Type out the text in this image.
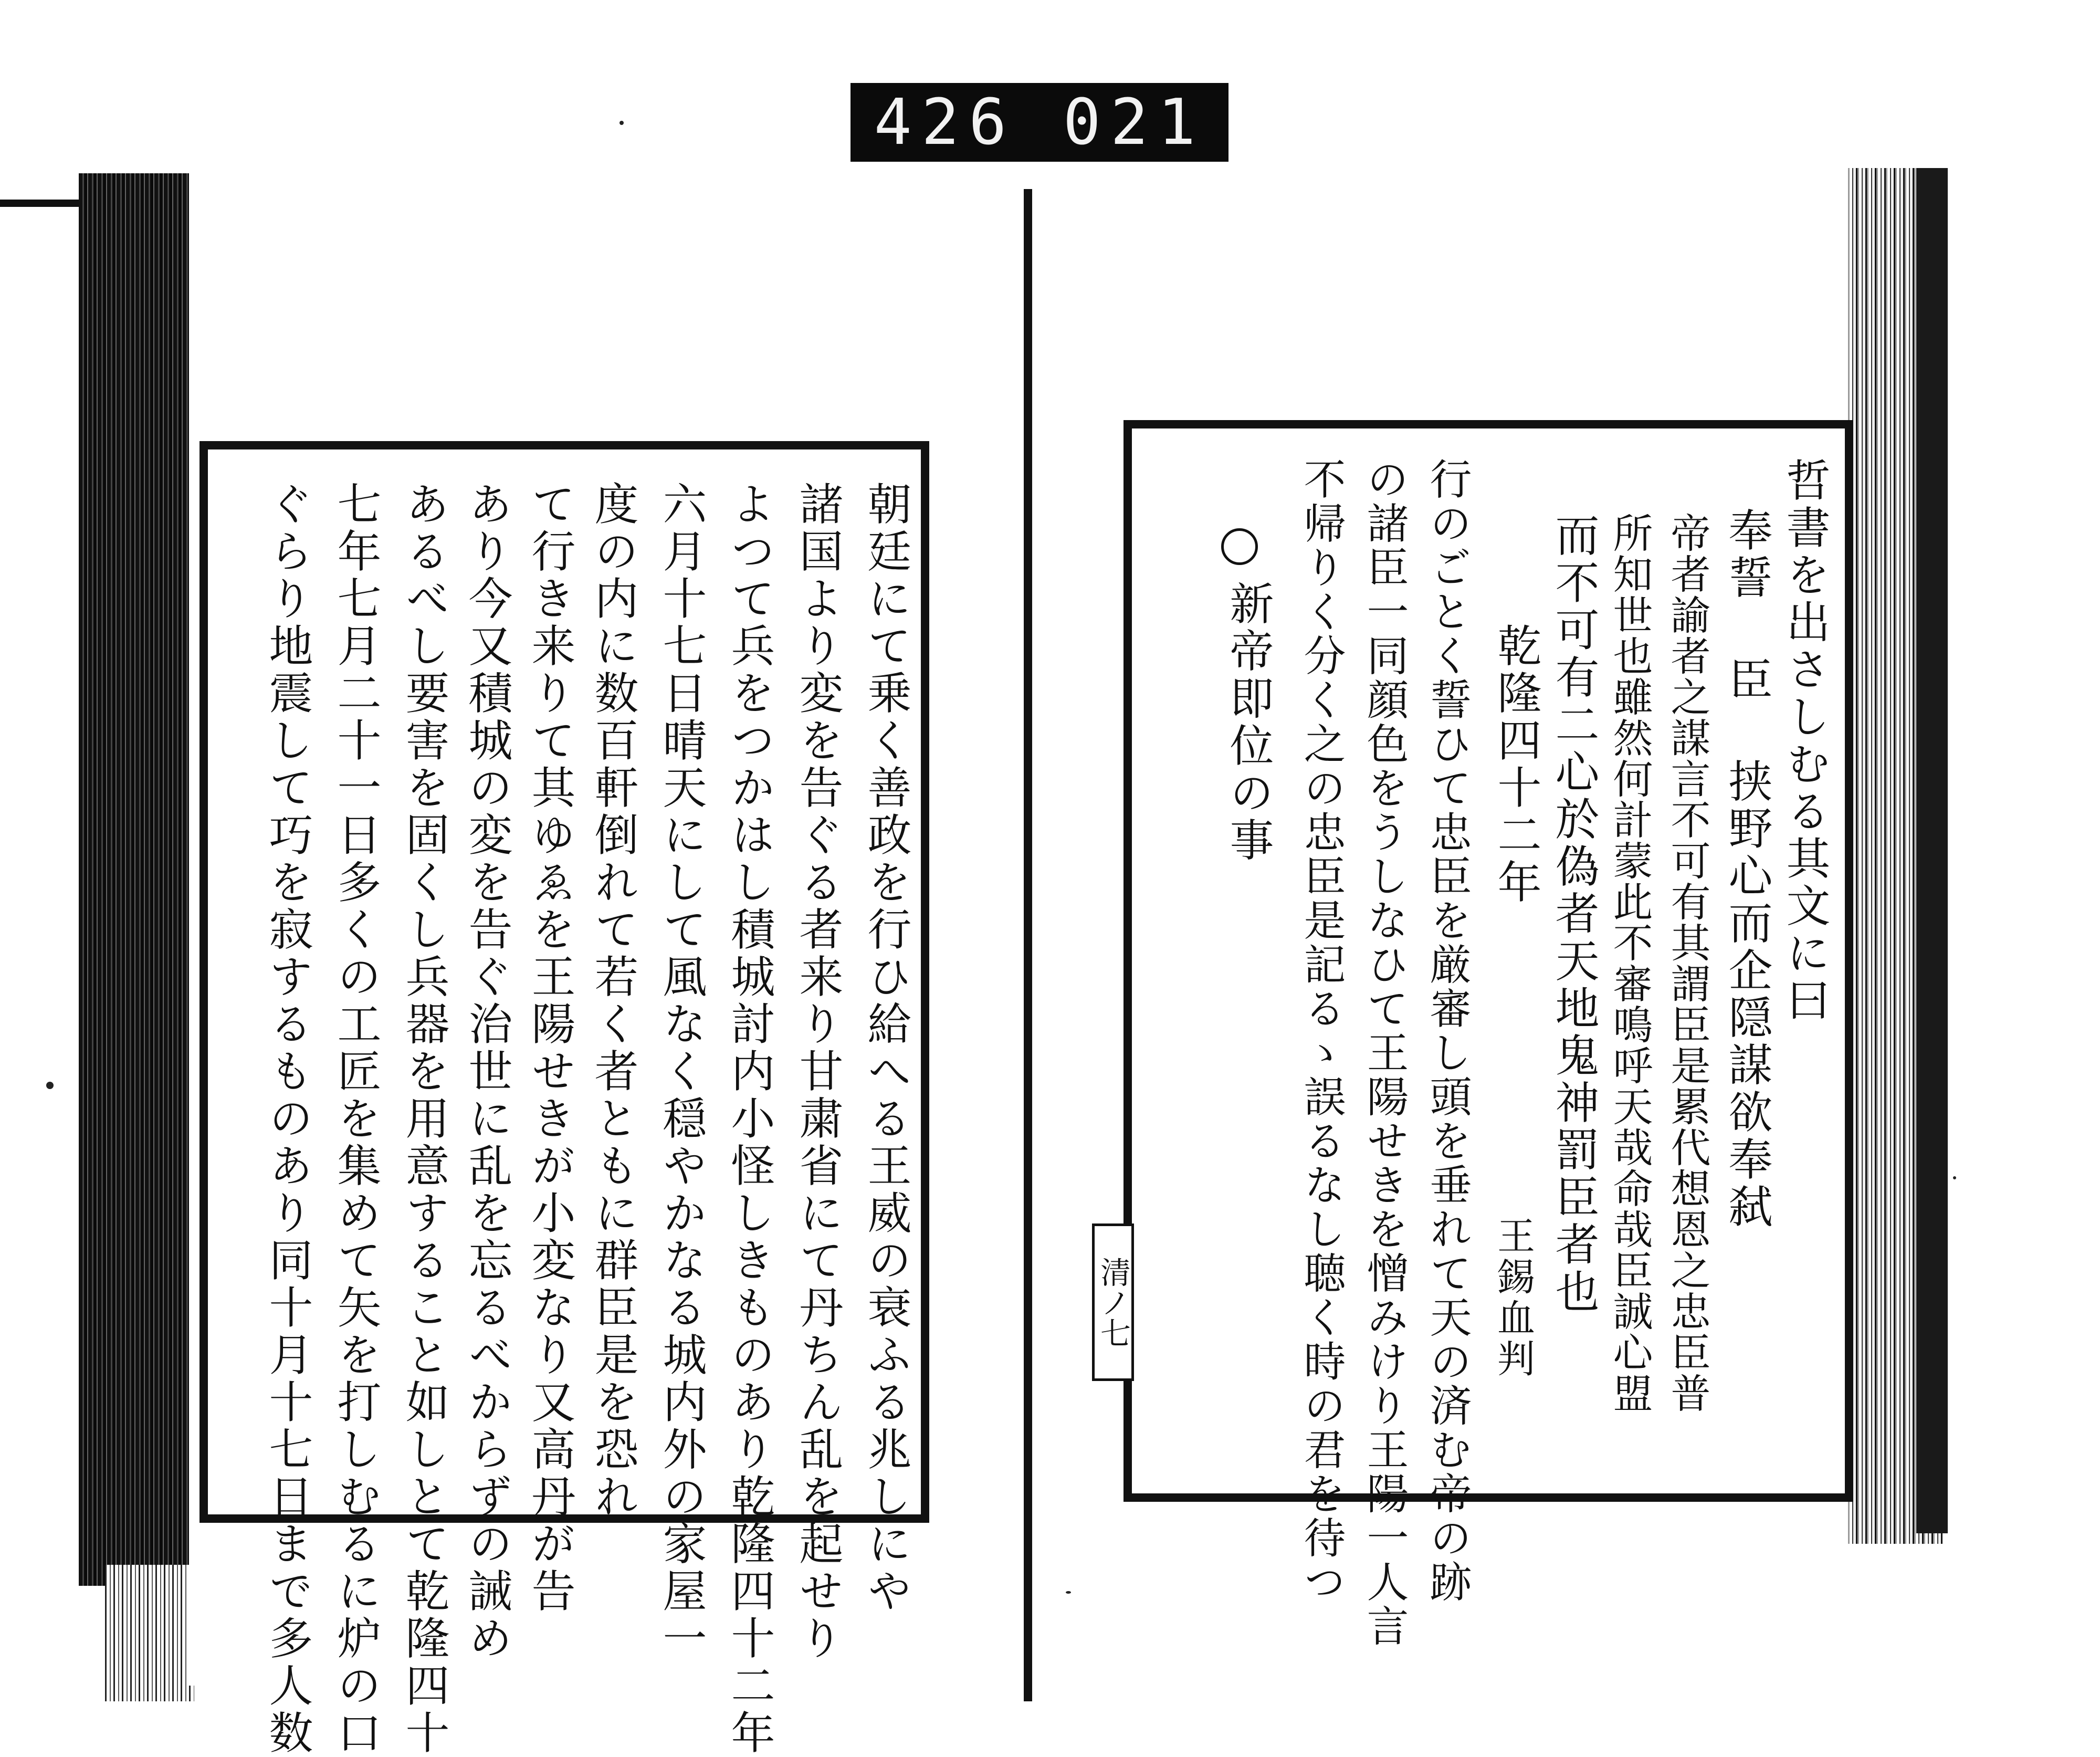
426 021
朝廷にて乗く善政を行ひ給へる王威の衰ふる兆しにや
諸国より変を告ぐる者来り甘粛省にて丹ちん乱を起せり
よつて兵をつかはし積城討内小怪しきものあり乾隆四十二年
六月十七日晴天にして風なく穏やかなる城内外の家屋一
度の内に数百軒倒れて若く者ともに群臣是を恐れ
て行き来りて其ゆゑを王陽せきが小変なり又高丹が告
あり今又積城の変を告ぐ治世に乱を忘るべからずの誡め
あるべし要害を固くし兵器を用意すること如しとて乾隆四十
七年七月二十一日多くの工匠を集めて矢を打しむるに炉の口
ぐらり地震して巧を寂するものあり同十月十七日まで多人数	哲書を出さしむる其文に曰
奉誓 臣 挟野心而企隠謀欲奉弑
帝者諭者之謀言不可有其謂臣是累代想恩之忠臣普
所知世也雖然何計蒙此不審鳴呼天哉命哉臣誠心盟
而不可有二心於偽者天地鬼神罰臣者也
乾隆四十二年
王錫血判
行のごとく誓ひて忠臣を厳審し頭を垂れて天の済む帝の跡
の諸臣一同顔色をうしなひて王陽せきを憎みけり王陽一人言
不帰りく分く之の忠臣是記るゝ誤るなし聴く時の君を待つ
新帝即位の事
清ノ七
